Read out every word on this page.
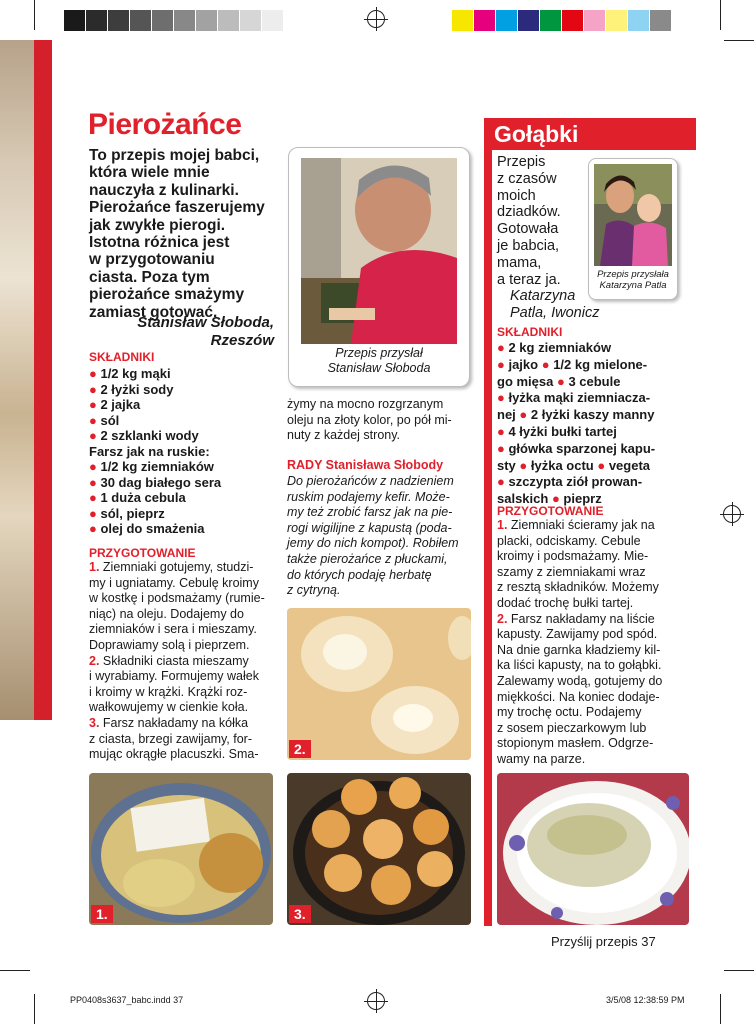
PP0408s3637_babc.indd 37	3/5/08 12:38:59 PM
Pierożańce
To przepis mojej babci,
która wiele mnie
nauczyła z kulinarki.
Pierożańce faszerujemy
jak zwykłe pierogi.
Istotna różnica jest
w przygotowaniu
ciasta. Poza tym
pierożańce smażymy
zamiast gotować.
Stanisław Słoboda,
Rzeszów
SKŁADNIKI
● 1/2 kg mąki
● 2 łyżki sody
● 2 jajka
● sól
● 2 szklanki wody
Farsz jak na ruskie:
● 1/2 kg ziemniaków
● 30 dag białego sera
● 1 duża cebula
● sól, pieprz
● olej do smażenia
PRZYGOTOWANIE
1. Ziemniaki gotujemy, studzi-
my i ugniatamy. Cebulę kroimy
w kostkę i podsmażamy (rumie-
niąc) na oleju. Dodajemy do
ziemniaków i sera i mieszamy.
Doprawiamy solą i pieprzem.
2. Składniki ciasta mieszamy
i wyrabiamy. Formujemy wałek
i kroimy w krążki. Krążki roz-
wałkowujemy w cienkie koła.
3. Farsz nakładamy na kółka
z ciasta, brzegi zawijamy, for-
mując okrągłe placuszki. Sma-
Przepis przysłał
Stanisław Słoboda
żymy na mocno rozgrzanym
oleju na złoty kolor, po pół mi-
nuty z każdej strony.
RADY Stanisława Słobody
Do pierożańców z nadzieniem
ruskim podajemy kefir. Może-
my też zrobić farsz jak na pie-
rogi wigilijne z kapustą (poda-
jemy do nich kompot). Robiłem
także pierożańce z płuckami,
do których podaję herbatę
z cytryną.
2.
1.	3.
Gołąbki
Przepis
z czasów
moich
dziadków.
Gotowała
je babcia,
mama,
a teraz ja.
Katarzyna
Patla, Iwonicz
Przepis przysłała
Katarzyna Patla
SKŁADNIKI
● 2 kg ziemniaków
● jajko ● 1/2 kg mielone-
go mięsa ● 3 cebule
● łyżka mąki ziemniacza-
nej ● 2 łyżki kaszy manny
● 4 łyżki bułki tartej
● główka sparzonej kapu-
sty ● łyżka octu ● vegeta
● szczypta ziół prowan-
salskich ● pieprz
PRZYGOTOWANIE
1. Ziemniaki ścieramy jak na
placki, odciskamy. Cebule
kroimy i podsmażamy. Mie-
szamy z ziemniakami wraz
z resztą składników. Możemy
dodać trochę bułki tartej.
2. Farsz nakładamy na liście
kapusty. Zawijamy pod spód.
Na dnie garnka kładziemy kil-
ka liści kapusty, na to gołąbki.
Zalewamy wodą, gotujemy do
miękkości. Na koniec dodaje-
my trochę octu. Podajemy
z sosem pieczarkowym lub
stopionym masłem. Odgrze-
wamy na parze.
Przyślij przepis 37
